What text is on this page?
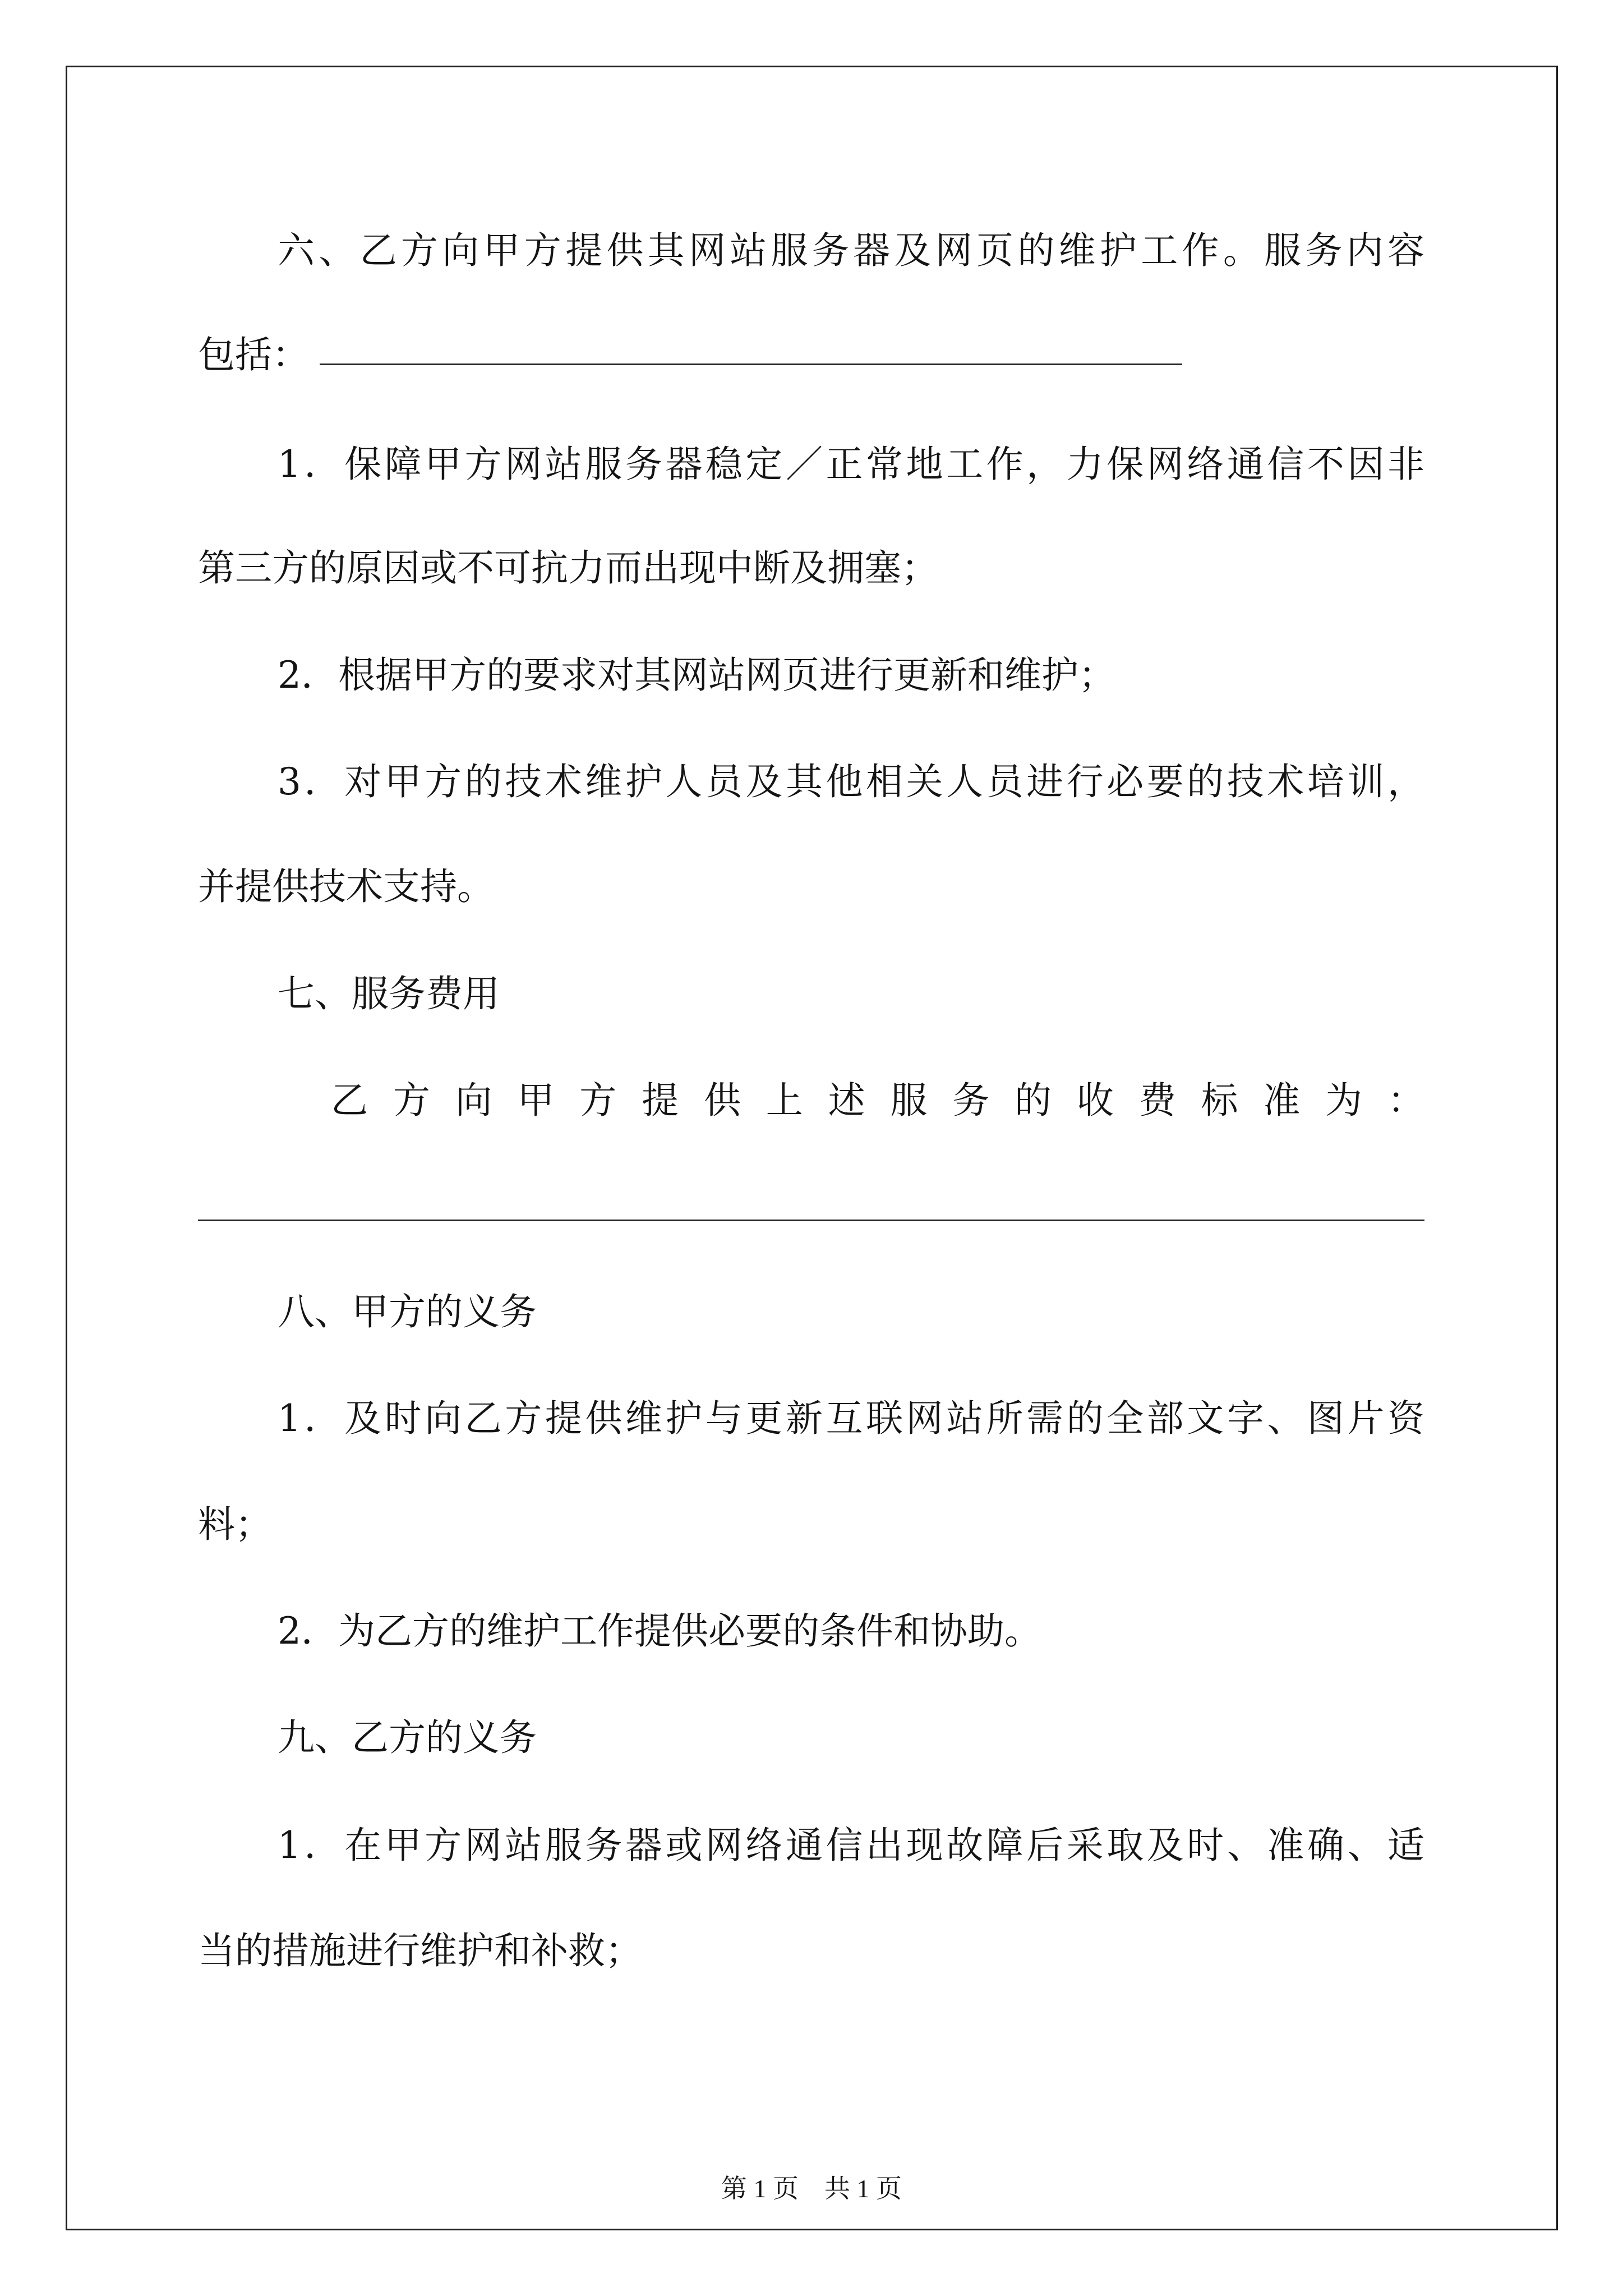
六、乙方向甲方提供其网站服务器及网页的维护工作。服务内容

包括：

1．保障甲方网站服务器稳定／正常地工作，力保网络通信不因非

第三方的原因或不可抗力而出现中断及拥塞；

2．根据甲方的要求对其网站网页进行更新和维护；

3．对甲方的技术维护人员及其他相关人员进行必要的技术培训，

并提供技术支持。

七、服务费用

乙方向甲方提供上述服务的收费标准为：

八、甲方的义务

1．及时向乙方提供维护与更新互联网站所需的全部文字、图片资

料；

2．为乙方的维护工作提供必要的条件和协助。

九、乙方的义务

1．在甲方网站服务器或网络通信出现故障后采取及时、准确、适

当的措施进行维护和补救；

第 1 页　共 1 页
